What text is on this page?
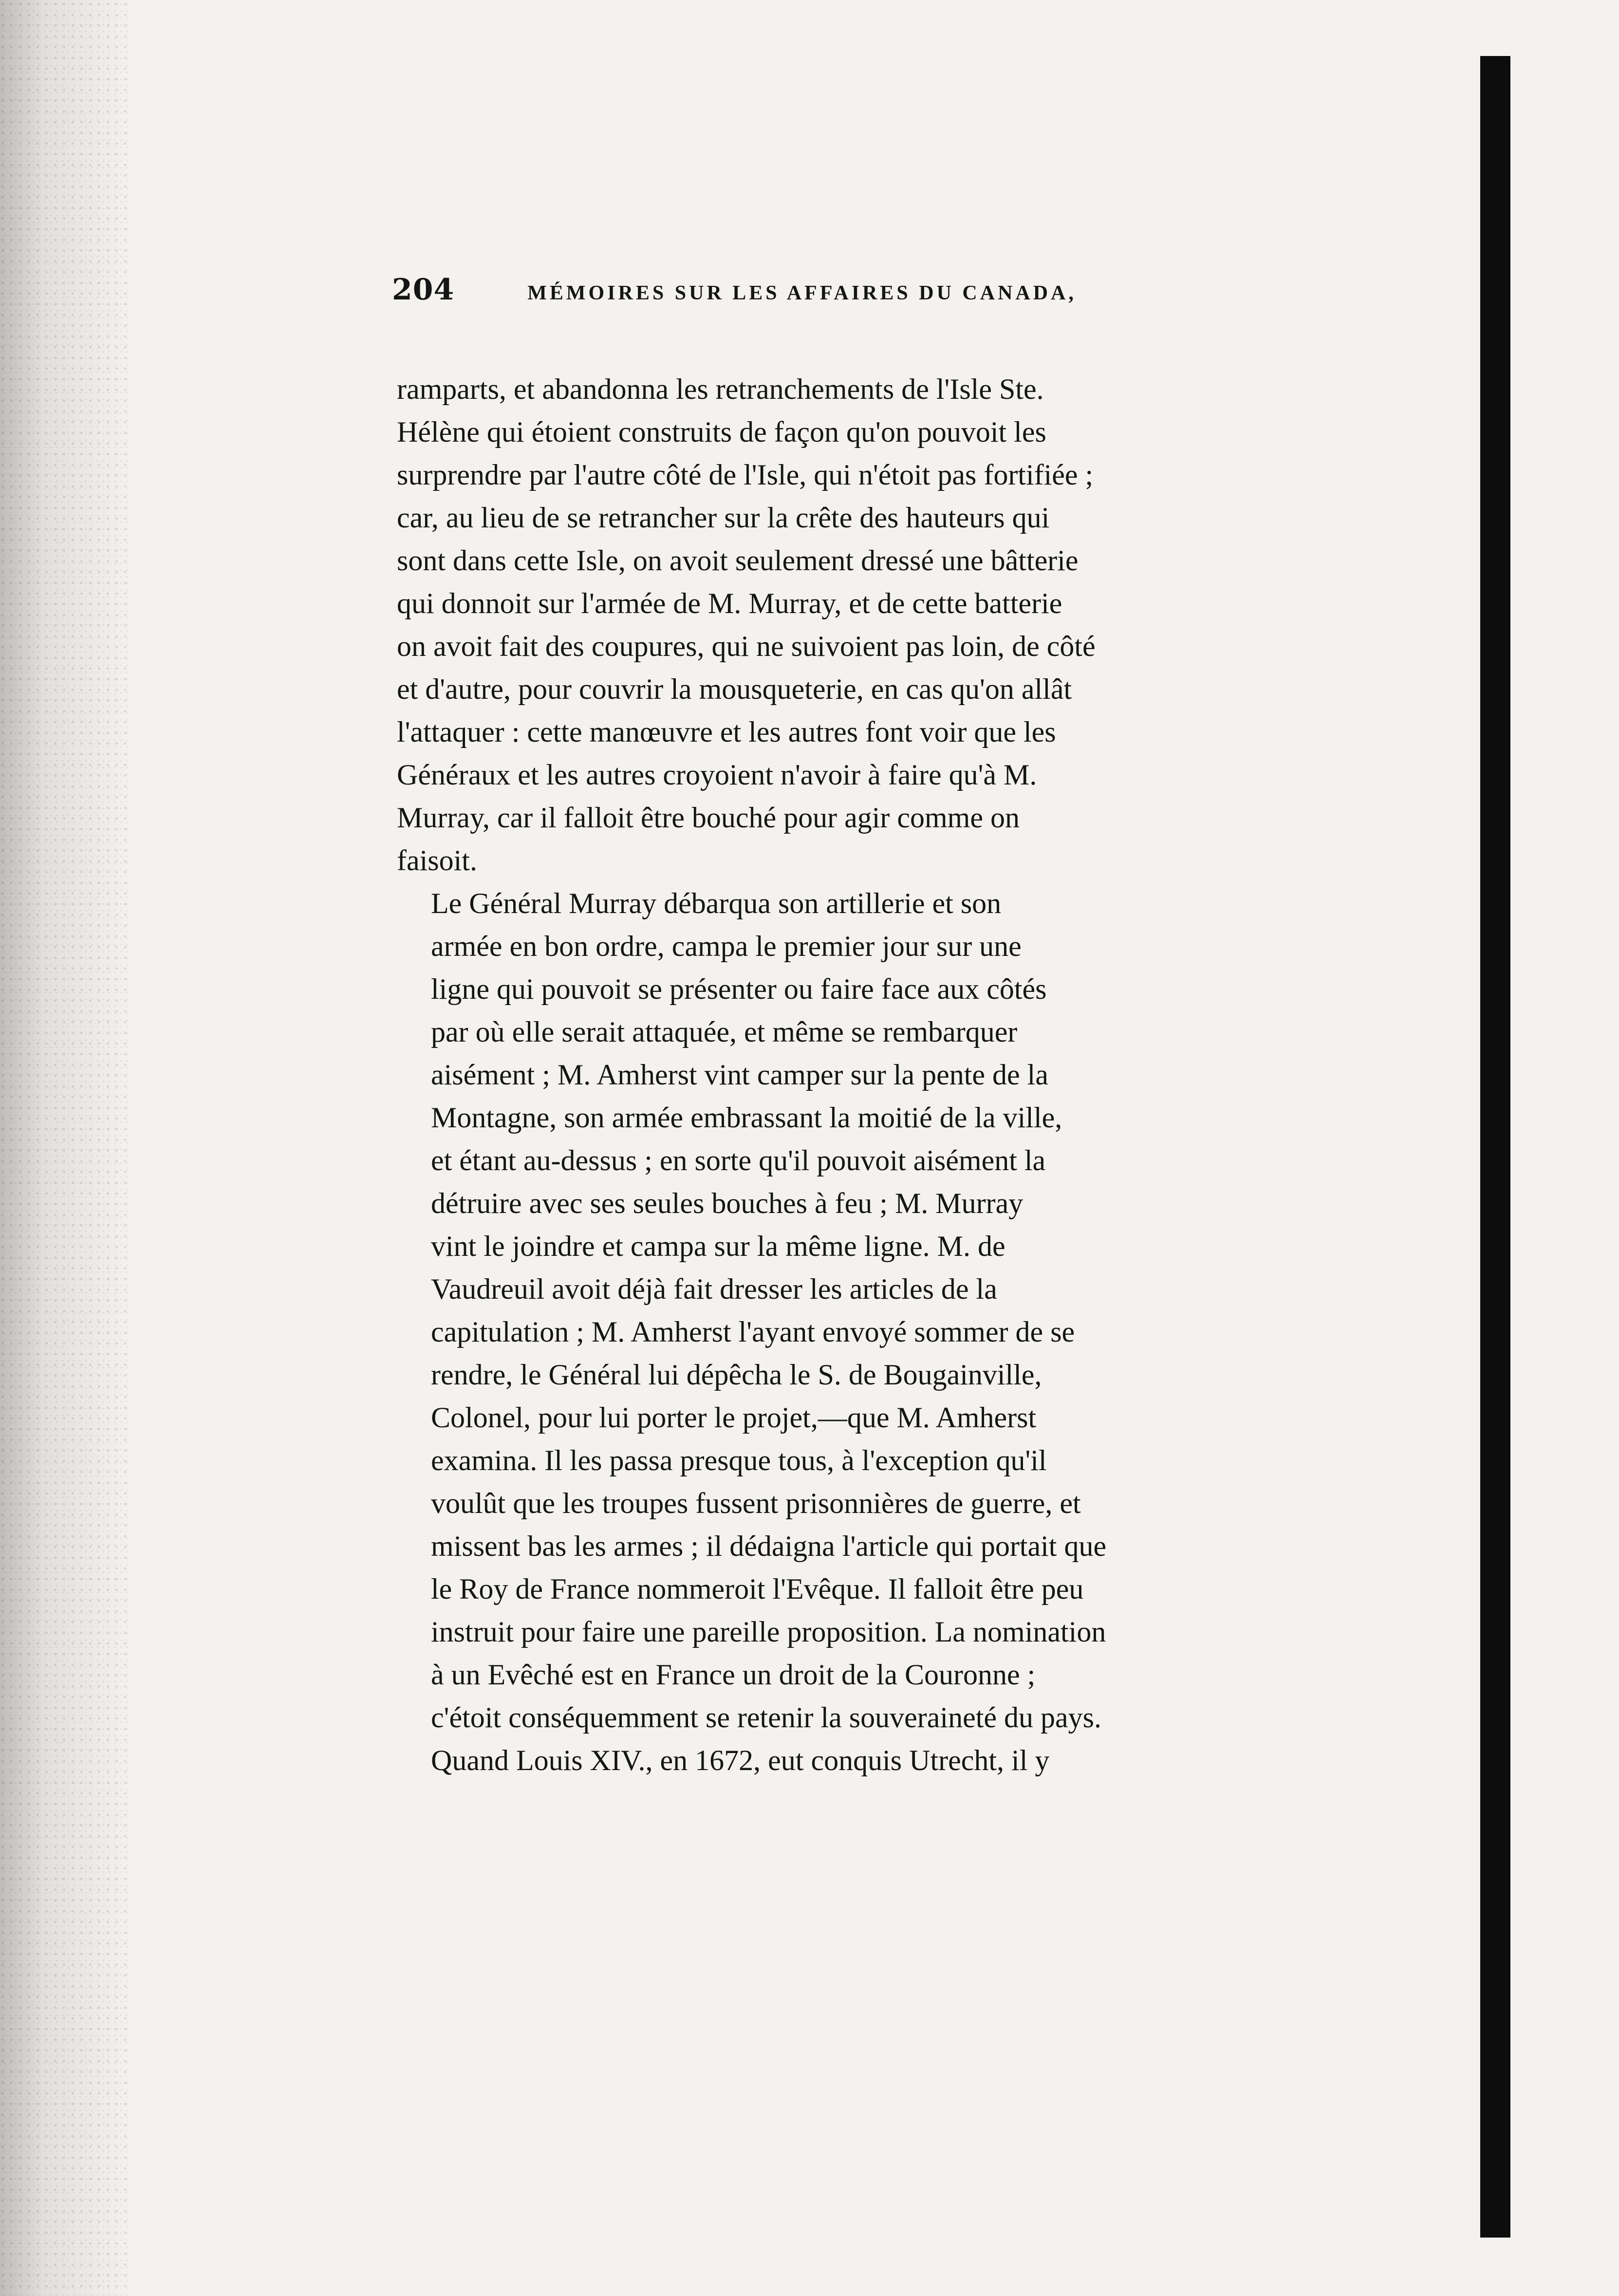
204	MÉMOIRES SUR LES AFFAIRES DU CANADA,
ramparts, et abandonna les retranchements de l'Isle Ste.
Hélène qui étoient construits de façon qu'on pouvoit les
surprendre par l'autre côté de l'Isle, qui n'étoit pas fortifiée ;
car, au lieu de se retrancher sur la crête des hauteurs qui
sont dans cette Isle, on avoit seulement dressé une bâtterie
qui donnoit sur l'armée de M. Murray, et de cette batterie
on avoit fait des coupures, qui ne suivoient pas loin, de côté
et d'autre, pour couvrir la mousqueterie, en cas qu'on allât
l'attaquer : cette manœuvre et les autres font voir que les
Généraux et les autres croyoient n'avoir à faire qu'à M.
Murray, car il falloit être bouché pour agir comme on
faisoit.
Le Général Murray débarqua son artillerie et son
armée en bon ordre, campa le premier jour sur une
ligne qui pouvoit se présenter ou faire face aux côtés
par où elle serait attaquée, et même se rembarquer
aisément ; M. Amherst vint camper sur la pente de la
Montagne, son armée embrassant la moitié de la ville,
et étant au-dessus ; en sorte qu'il pouvoit aisément la
détruire avec ses seules bouches à feu ; M. Murray
vint le joindre et campa sur la même ligne. M. de
Vaudreuil avoit déjà fait dresser les articles de la
capitulation ; M. Amherst l'ayant envoyé sommer de se
rendre, le Général lui dépêcha le S. de Bougainville,
Colonel, pour lui porter le projet,—que M. Amherst
examina. Il les passa presque tous, à l'exception qu'il
voulût que les troupes fussent prisonnières de guerre, et
missent bas les armes ; il dédaigna l'article qui portait que
le Roy de France nommeroit l'Evêque. Il falloit être peu
instruit pour faire une pareille proposition. La nomination
à un Evêché est en France un droit de la Couronne ;
c'étoit conséquemment se retenir la souveraineté du pays.
Quand Louis XIV., en 1672, eut conquis Utrecht, il y
